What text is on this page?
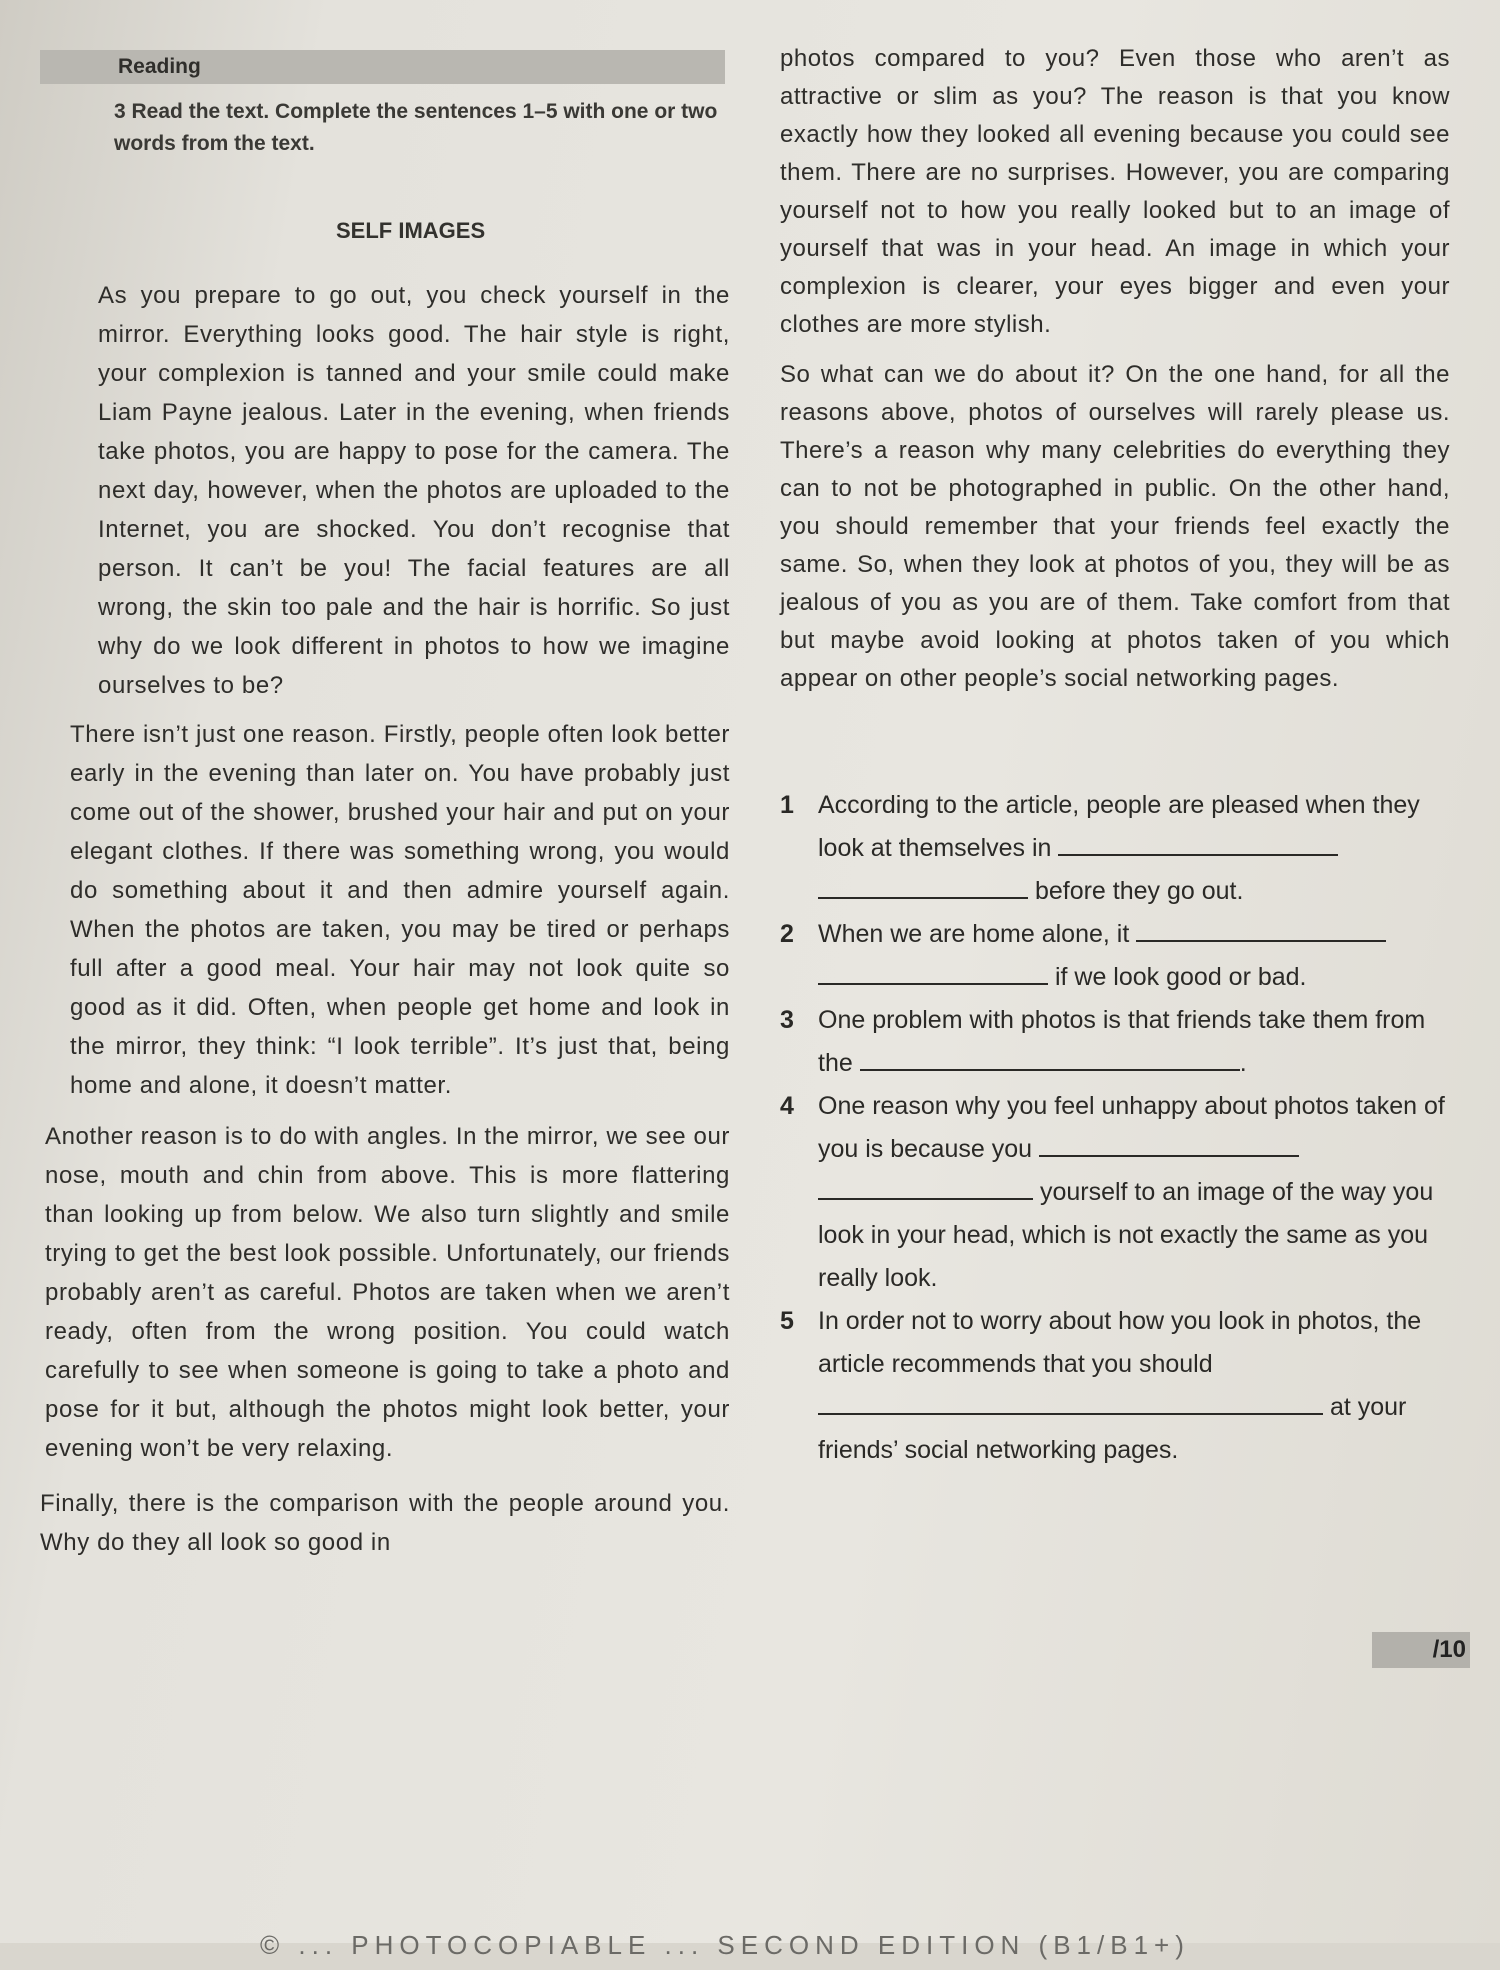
Reading
3 Read the text. Complete the sentences 1–5 with one or two words from the text.
SELF IMAGES

As you prepare to go out, you check yourself in the mirror. Everything looks good. The hair style is right, your complexion is tanned and your smile could make Liam Payne jealous. Later in the evening, when friends take photos, you are happy to pose for the camera. The next day, however, when the photos are uploaded to the Internet, you are shocked. You don’t recognise that person. It can’t be you! The facial features are all wrong, the skin too pale and the hair is horrific. So just why do we look different in photos to how we imagine ourselves to be?

There isn’t just one reason. Firstly, people often look better early in the evening than later on. You have probably just come out of the shower, brushed your hair and put on your elegant clothes. If there was something wrong, you would do something about it and then admire yourself again. When the photos are taken, you may be tired or perhaps full after a good meal. Your hair may not look quite so good as it did. Often, when people get home and look in the mirror, they think: “I look terrible”. It’s just that, being home and alone, it doesn’t matter.

Another reason is to do with angles. In the mirror, we see our nose, mouth and chin from above. This is more flattering than looking up from below. We also turn slightly and smile trying to get the best look possible. Unfortunately, our friends probably aren’t as careful. Photos are taken when we aren’t ready, often from the wrong position. You could watch carefully to see when someone is going to take a photo and pose for it but, although the photos might look better, your evening won’t be very relaxing.

Finally, there is the comparison with the people around you. Why do they all look so good in

photos compared to you? Even those who aren’t as attractive or slim as you? The reason is that you know exactly how they looked all evening because you could see them. There are no surprises. However, you are comparing yourself not to how you really looked but to an image of yourself that was in your head. An image in which your complexion is clearer, your eyes bigger and even your clothes are more stylish.

So what can we do about it? On the one hand, for all the reasons above, photos of ourselves will rarely please us. There’s a reason why many celebrities do everything they can to not be photographed in public. On the other hand, you should remember that your friends feel exactly the same. So, when they look at photos of you, they will be as jealous of you as you are of them. Take comfort from that but maybe avoid looking at photos taken of you which appear on other people’s social networking pages.

1 According to the article, people are pleased when they look at themselves in
before they go out.
2 When we are home alone, it
if we look good or bad.
3 One problem with photos is that friends take them from the	.
4 One reason why you feel unhappy about photos taken of you is because you
yourself to an image of the way you look in your head, which is not exactly the same as you really look.
5 In order not to worry about how you look in photos, the article recommends that you should
at your friends’ social networking pages.
/10
© ... PHOTOCOPIABLE ... SECOND EDITION (B1/B1+)
